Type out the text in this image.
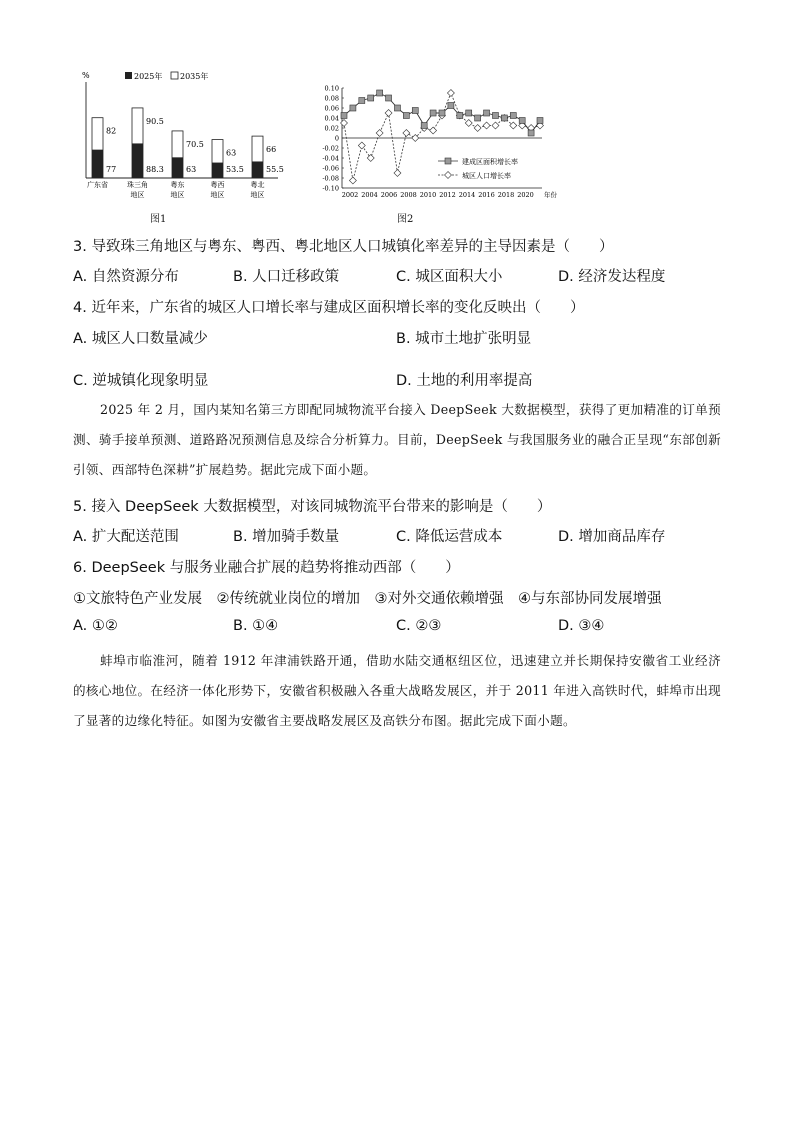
%	2025年 2035年
82
77
广东省
90.5
88.3
珠三角
地区
70.5
63
粤东
地区
63
53.5
粤西
地区
66
55.5
粤北
地区
图1
0.10
0.08
0.06
0.04
0.02
0
-0.02
-0.04
-0.06
-0.08
-0.10
2002 2004 2006 2008 2010 2012 2014 2016 2018 2020 年份
建成区面积增长率
城区人口增长率
图2
3. 导致珠三角地区与粤东、粤西、粤北地区人口城镇化率差异的主导因素是（　　）
A. 自然资源分布	B. 人口迁移政策	C. 城区面积大小	D. 经济发达程度
4. 近年来，广东省的城区人口增长率与建成区面积增长率的变化反映出（　　）
A. 城区人口数量减少	B. 城市土地扩张明显
C. 逆城镇化现象明显	D. 土地的利用率提高
2025 年 2 月，国内某知名第三方即配同城物流平台接入 DeepSeek 大数据模型，获得了更加精准的订单预测、骑手接单预测、道路路况预测信息及综合分析算力。目前，DeepSeek 与我国服务业的融合正呈现“东部创新引领、西部特色深耕”扩展趋势。据此完成下面小题。
5. 接入 DeepSeek 大数据模型，对该同城物流平台带来的影响是（　　）
A. 扩大配送范围	B. 增加骑手数量	C. 降低运营成本	D. 增加商品库存
6. DeepSeek 与服务业融合扩展的趋势将推动西部（　　）
①文旅特色产业发展　②传统就业岗位的增加　③对外交通依赖增强　④与东部协同发展增强
A. ①②	B. ①④	C. ②③	D. ③④
蚌埠市临淮河，随着 1912 年津浦铁路开通，借助水陆交通枢纽区位，迅速建立并长期保持安徽省工业经济的核心地位。在经济一体化形势下，安徽省积极融入各重大战略发展区，并于 2011 年进入高铁时代，蚌埠市出现了显著的边缘化特征。如图为安徽省主要战略发展区及高铁分布图。据此完成下面小题。
